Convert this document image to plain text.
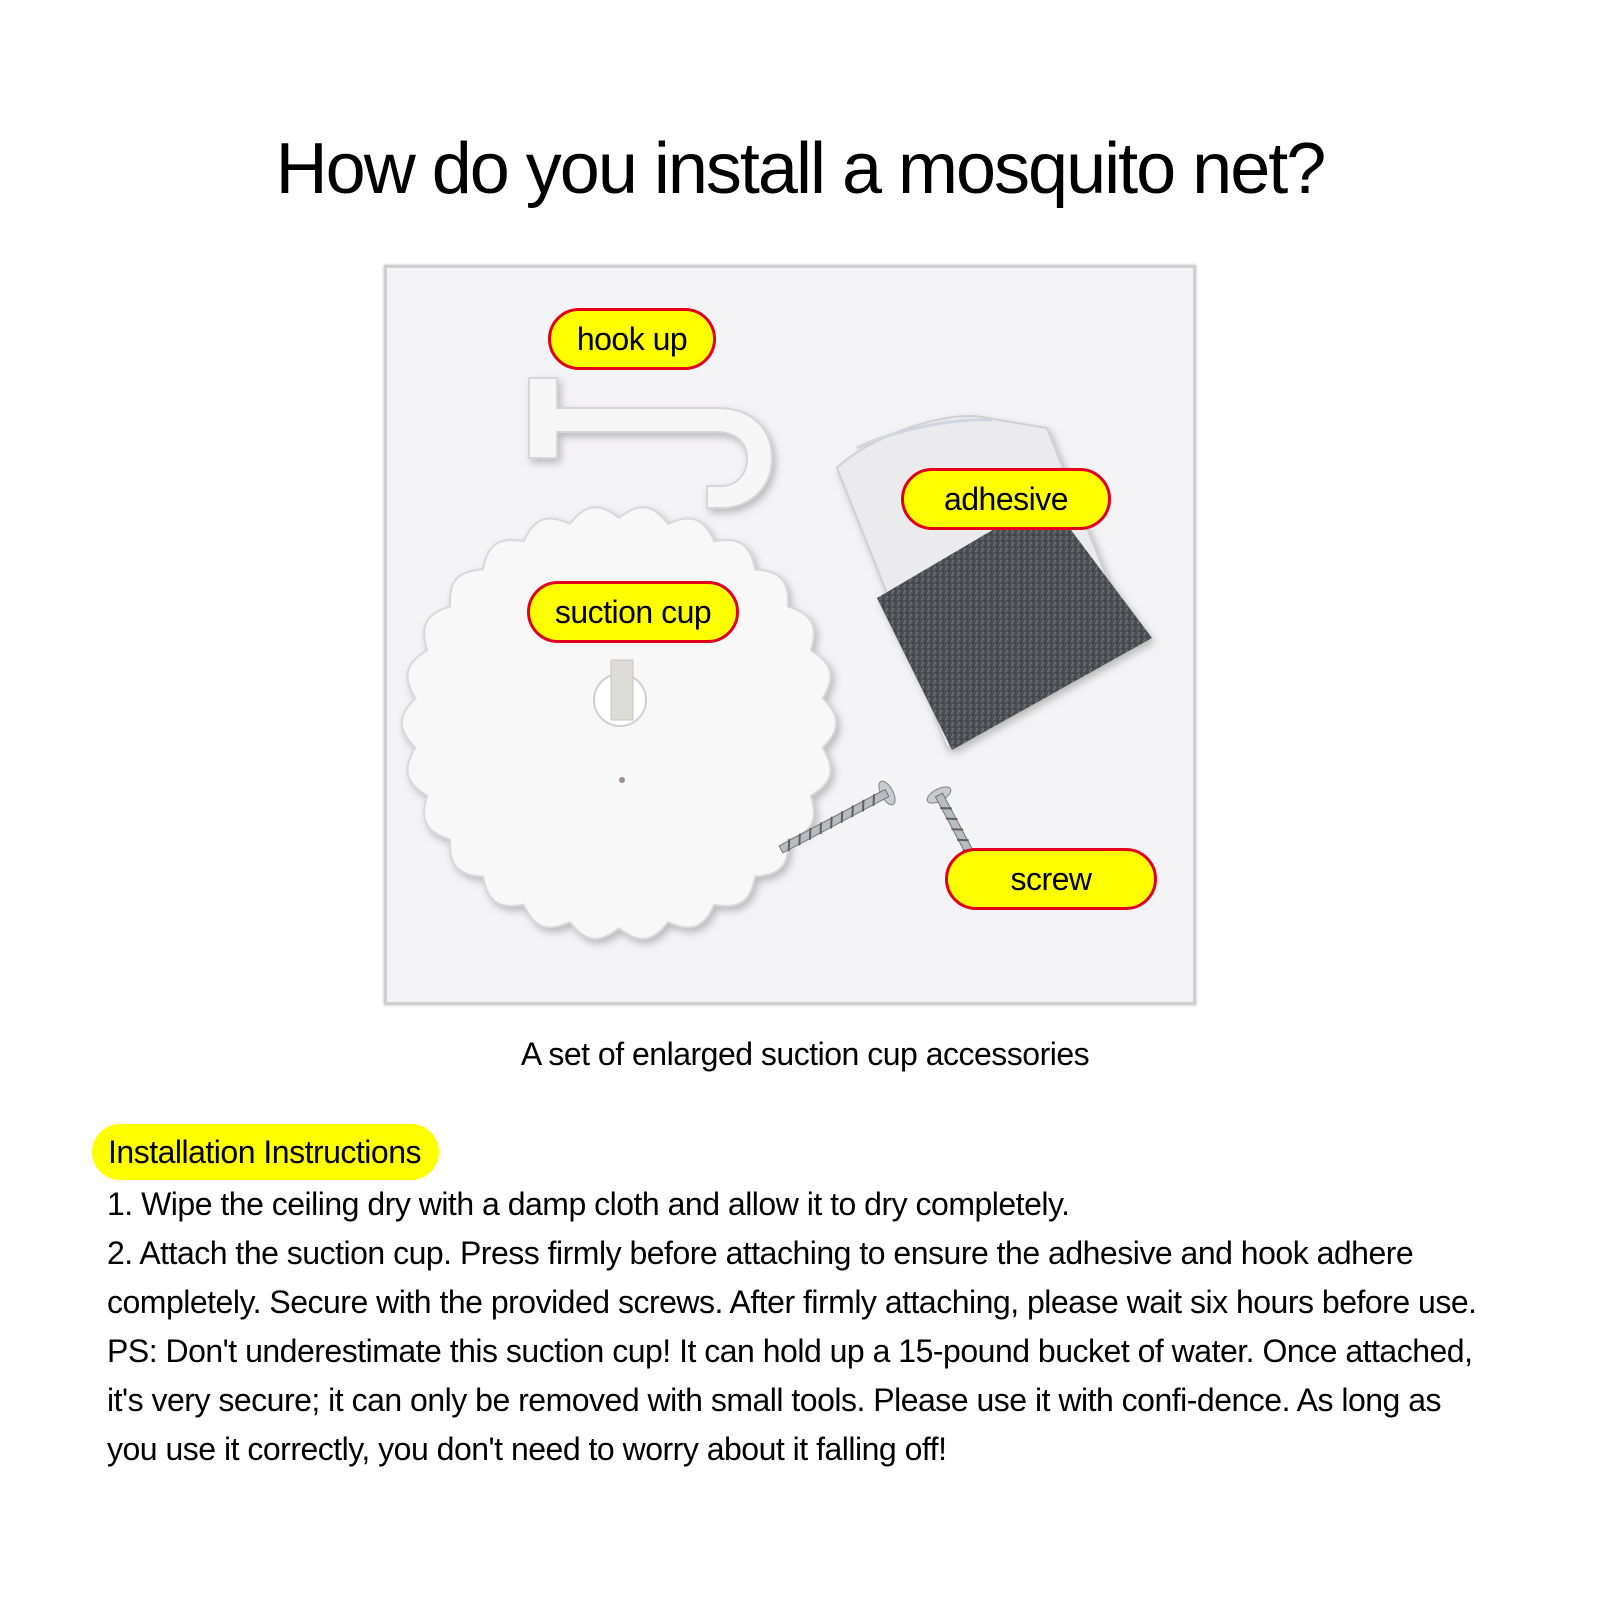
How do you install a mosquito net?
hook up
adhesive
suction cup
screw
A set of enlarged suction cup accessories
Installation Instructions

1. Wipe the ceiling dry with a damp cloth and allow it to dry completely.

2. Attach the suction cup. Press firmly before attaching to ensure the adhesive and hook adhere completely. Secure with the provided screws. After firmly attaching, please wait six hours before use.

PS: Don't underestimate this suction cup! It can hold up a 15-pound bucket of water. Once attached, it's very secure; it can only be removed with small tools. Please use it with confi-dence. As long as you use it correctly, you don't need to worry about it falling off!
